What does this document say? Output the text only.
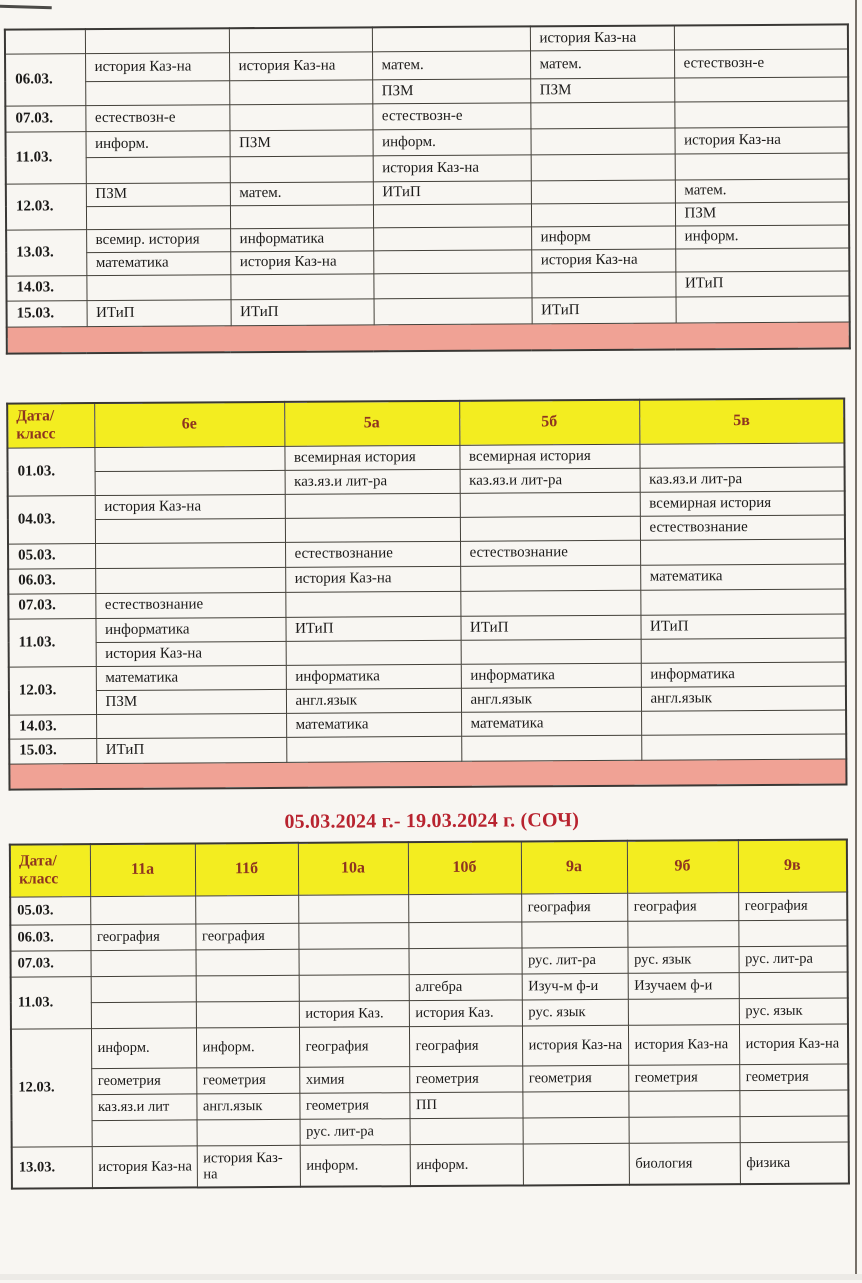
				история Каз-на	
06.03.	история Каз-на	история Каз-на	матем.	матем.	естествозн-е
			ПЗМ	ПЗМ	
07.03.	естествозн-е		естествозн-е		
11.03.	информ.	ПЗМ	информ.		история Каз-на
			история Каз-на		
12.03.	ПЗМ	матем.	ИТиП		матем.
					ПЗМ
13.03.	всемир. история	информатика		информ	информ.
	математика	история Каз-на		история Каз-на	
14.03.					ИТиП
15.03.	ИТиП	ИТиП		ИТиП	

Дата/
класс	6е	5а	5б	5в
01.03.		всемирная история	всемирная история	
		каз.яз.и лит-ра	каз.яз.и лит-ра	каз.яз.и лит-ра
04.03.	история Каз-на			всемирная история
				естествознание
05.03.		естествознание	естествознание	
06.03.		история Каз-на		математика
07.03.	естествознание			
11.03.	информатика	ИТиП	ИТиП	ИТиП
	история Каз-на			
12.03.	математика	информатика	информатика	информатика
	ПЗМ	англ.язык	англ.язык	англ.язык
14.03.		математика	математика	
15.03.	ИТиП			

05.03.2024 г.- 19.03.2024 г. (СОЧ)
Дата/
класс	11а	11б	10а	10б	9а	9б	9в
05.03.					география	география	география
06.03.	география	география					
07.03.					рус. лит-ра	рус. язык	рус. лит-ра
11.03.				алгебра	Изуч-м ф-и	Изучаем ф-и	
			история Каз.	история Каз.	рус. язык		рус. язык
12.03.	информ.	информ.	география	география	история Каз-на	история Каз-на	история Каз-на
	геометрия	геометрия	химия	геометрия	геометрия	геометрия	геометрия
	каз.яз.и лит	англ.язык	геометрия	ПП			
			рус. лит-ра				
13.03.	история Каз-на	история Каз-на	информ.	информ.		биология	физика
